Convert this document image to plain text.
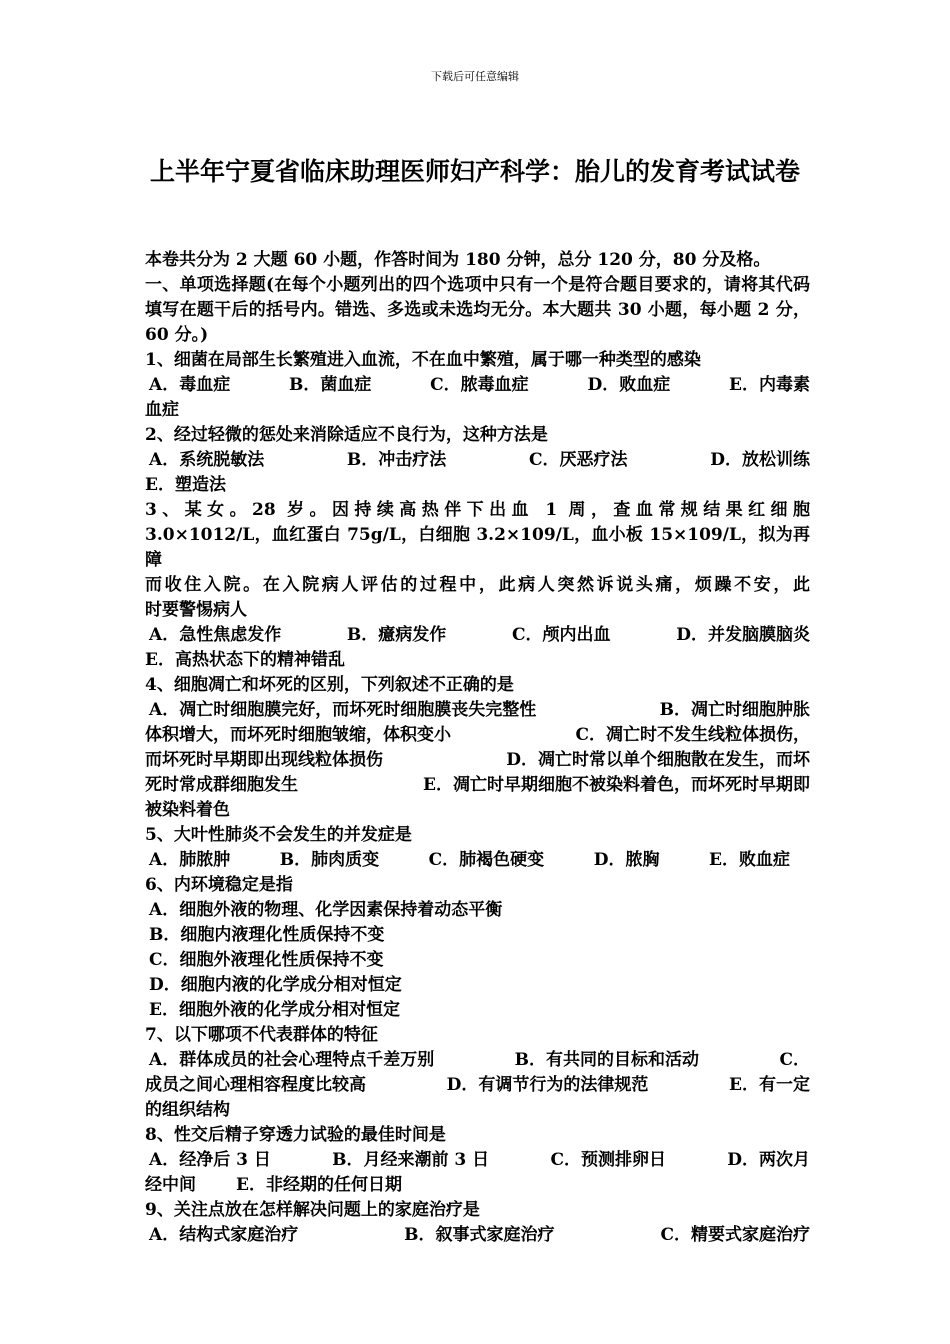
下载后可任意编辑
上半年宁夏省临床助理医师妇产科学：胎儿的发育考试试卷

本卷共分为 2 大题 60 小题，作答时间为 180 分钟，总分 120 分，80 分及格。

一、单项选择题(在每个小题列出的四个选项中只有一个是符合题目要求的，请将其代码填写在题干后的括号内。错选、多选或未选均无分。本大题共 30 小题，每小题 2 分，60 分。)

1、细菌在局部生长繁殖进入血流，不在血中繁殖，属于哪一种类型的感染

A．毒血症	B．菌血症	C．脓毒血症	D．败血症	E．内毒素

血症

2、经过轻微的惩处来消除适应不良行为，这种方法是

A．系统脱敏法	B．冲击疗法	C．厌恶疗法	D．放松训练

E．塑造法

3、某女。28 岁。因持续高热伴下出血 1 周，查血常规结果红细胞

3.0×1012/L，血红蛋白 75g/L，白细胞 3.2×109/L，血小板 15×109/L，拟为再障

而收住入院。在入院病人评估的过程中，此病人突然诉说头痛，烦躁不安，此

时要警惕病人

A．急性焦虑发作	B．癔病发作	C．颅内出血	D．并发脑膜脑炎

E．高热状态下的精神错乱

4、细胞凋亡和坏死的区别，下列叙述不正确的是

A．凋亡时细胞膜完好，而坏死时细胞膜丧失完整性	B．凋亡时细胞肿胀

体积增大，而坏死时细胞皱缩，体积变小	C．凋亡时不发生线粒体损伤，

而坏死时早期即出现线粒体损伤	D．凋亡时常以单个细胞散在发生，而坏

死时常成群细胞发生	E．凋亡时早期细胞不被染料着色，而坏死时早期即

被染料着色

5、大叶性肺炎不会发生的并发症是

A．肺脓肿	B．肺肉质变	C．肺褐色硬变	D．脓胸	E．败血症

6、内环境稳定是指

A．细胞外液的物理、化学因素保持着动态平衡

B．细胞内液理化性质保持不变

C．细胞外液理化性质保持不变

D．细胞内液的化学成分相对恒定

E．细胞外液的化学成分相对恒定

7、以下哪项不代表群体的特征

A．群体成员的社会心理特点千差万别	B．有共同的目标和活动	C．

成员之间心理相容程度比较高	D．有调节行为的法律规范	E．有一定

的组织结构

8、性交后精子穿透力试验的最佳时间是

A．经净后 3 日	B．月经来潮前 3 日	C．预测排卵日	D．两次月

经中间 E．非经期的任何日期

9、关注点放在怎样解决问题上的家庭治疗是

A．结构式家庭治疗	B．叙事式家庭治疗	C．精要式家庭治疗
